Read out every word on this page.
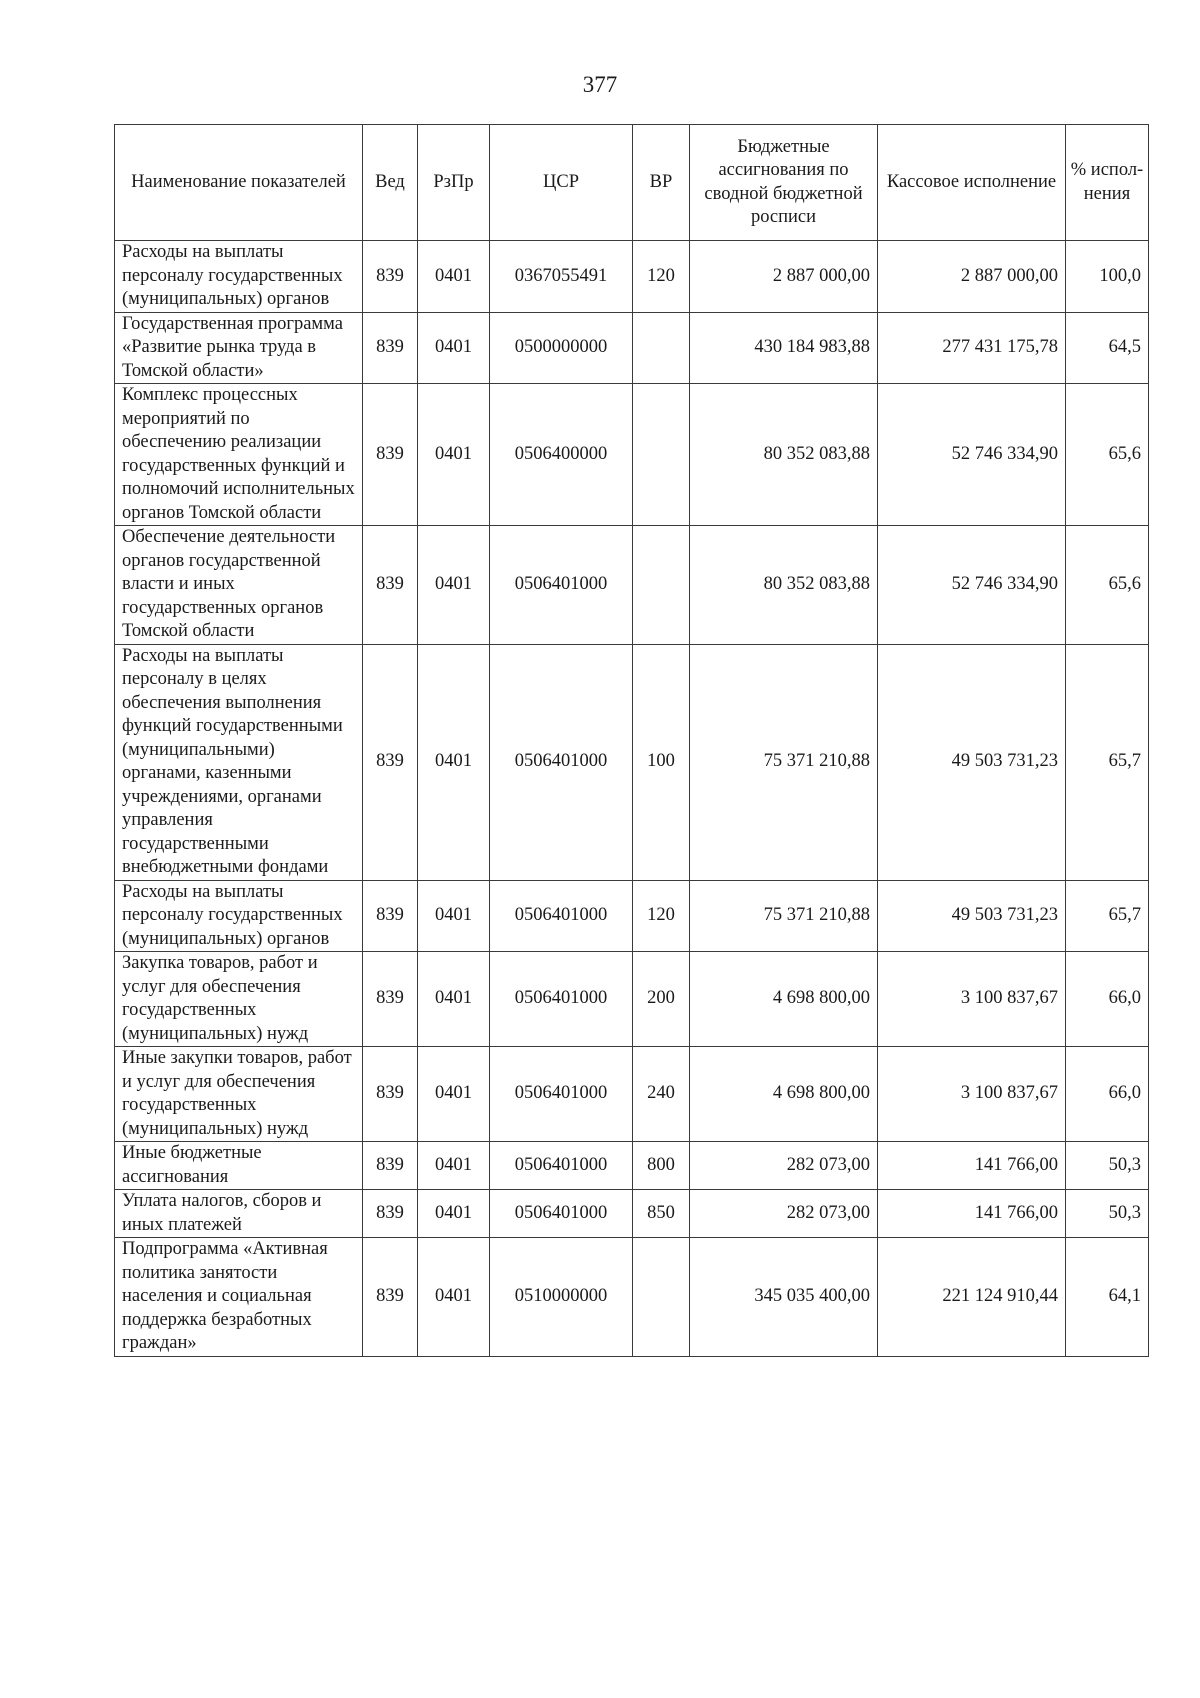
377
Наименование показателей	Вед	РзПр	ЦСР	ВР	Бюджетные ассигнования по сводной бюджетной росписи	Кассовое исполнение	% испол-нения
Расходы на выплаты персоналу государственных (муниципальных) органов	839	0401	0367055491	120	2 887 000,00	2 887 000,00	100,0
Государственная программа «Развитие рынка труда в Томской области»	839	0401	0500000000		430 184 983,88	277 431 175,78	64,5
Комплекс процессных мероприятий по обеспечению реализации государственных функций и полномочий исполнительных органов Томской области	839	0401	0506400000		80 352 083,88	52 746 334,90	65,6
Обеспечение деятельности органов государственной власти и иных государственных органов Томской области	839	0401	0506401000		80 352 083,88	52 746 334,90	65,6
Расходы на выплаты персоналу в целях обеспечения выполнения функций государственными (муниципальными) органами, казенными учреждениями, органами управления государственными внебюджетными фондами	839	0401	0506401000	100	75 371 210,88	49 503 731,23	65,7
Расходы на выплаты персоналу государственных (муниципальных) органов	839	0401	0506401000	120	75 371 210,88	49 503 731,23	65,7
Закупка товаров, работ и услуг для обеспечения государственных (муниципальных) нужд	839	0401	0506401000	200	4 698 800,00	3 100 837,67	66,0
Иные закупки товаров, работ и услуг для обеспечения государственных (муниципальных) нужд	839	0401	0506401000	240	4 698 800,00	3 100 837,67	66,0
Иные бюджетные ассигнования	839	0401	0506401000	800	282 073,00	141 766,00	50,3
Уплата налогов, сборов и иных платежей	839	0401	0506401000	850	282 073,00	141 766,00	50,3
Подпрограмма «Активная политика занятости населения и социальная поддержка безработных граждан»	839	0401	0510000000		345 035 400,00	221 124 910,44	64,1
